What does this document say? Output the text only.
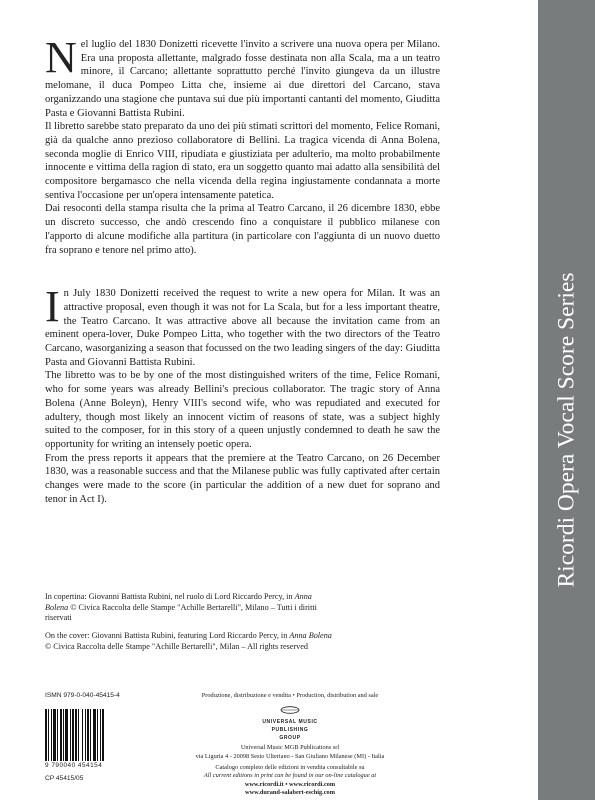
N el luglio del 1830 Donizetti ricevette l'invito a scrivere una nuova opera per Milano. Era una proposta allettante, malgrado fosse destinata non alla Scala, ma a un teatro minore, il Carcano; allettante soprattutto perché l'invito giungeva da un illustre melomane, il duca Pompeo Litta che, insieme ai due direttori del Carcano, stava organizzando una stagione che puntava sui due più importanti cantanti del momento, Giuditta Pasta e Giovanni Battista Rubini.

Il libretto sarebbe stato preparato da uno dei più stimati scrittori del momento, Felice Romani, già da qualche anno prezioso collaboratore di Bellini. La tragica vicenda di Anna Bolena, seconda moglie di Enrico VIII, ripudiata e giustiziata per adulterio, ma molto probabilmente innocente e vittima della ragion di stato, era un soggetto quanto mai adatto alla sensibilità del compositore bergamasco che nella vicenda della regina ingiustamente condannata a morte sentiva l'occasione per un'opera intensamente patetica.

Dai resoconti della stampa risulta che la prima al Teatro Carcano, il 26 dicembre 1830, ebbe un discreto successo, che andò crescendo fino a conquistare il pubblico milanese con l'apporto di alcune modifiche alla partitura (in particolare con l'aggiunta di un nuovo duetto fra soprano e tenore nel primo atto).

I n July 1830 Donizetti received the request to write a new opera for Milan. It was an attractive proposal, even though it was not for La Scala, but for a less important theatre, the Teatro Carcano. It was attractive above all because the invitation came from an eminent opera-lover, Duke Pompeo Litta, who together with the two directors of the Teatro Carcano, wasorganizing a season that focussed on the two leading singers of the day: Giuditta Pasta and Giovanni Battista Rubini.

The libretto was to be by one of the most distinguished writers of the time, Felice Romani, who for some years was already Bellini's precious collaborator. The tragic story of Anna Bolena (Anne Boleyn), Henry VIII's second wife, who was repudiated and executed for adultery, though most likely an innocent victim of reasons of state, was a subject highly suited to the composer, for in this story of a queen unjustly condemned to death he saw the opportunity for writing an intensely poetic opera.

From the press reports it appears that the premiere at the Teatro Carcano, on 26 December 1830, was a reasonable success and that the Milanese public was fully captivated after certain changes were made to the score (in particular the addition of a new duet for soprano and tenor in Act I).

In copertina: Giovanni Battista Rubini, nel ruolo di Lord Riccardo Percy, in Anna Bolena © Civica Raccolta delle Stampe "Achille Bertarelli", Milano – Tutti i diritti riservati
On the cover: Giovanni Battista Rubini, featuring Lord Riccardo Percy, in Anna Bolena © Civica Raccolta delle Stampe "Achille Bertarelli", Milan – All rights reserved
ISMN 979-0-040-45415-4
9 790040 454154
CP 45415/05
Produzione, distribuzione e vendita • Production, distribution and sale
UNIVERSAL MUSIC PUBLISHING GROUP
Universal Music MGB Publications srl
via Liguria 4 - 20098 Sesto Ulteriano - San Giuliano Milanese (MI) - Italia
Catalogo completo delle edizioni in vendita consultabile su
All current editions in print can be found in our on-line catalogue at
www.ricordi.it • www.ricordi.com
www.durand-salabert-eschig.com
Ricordi Opera Vocal Score Series
